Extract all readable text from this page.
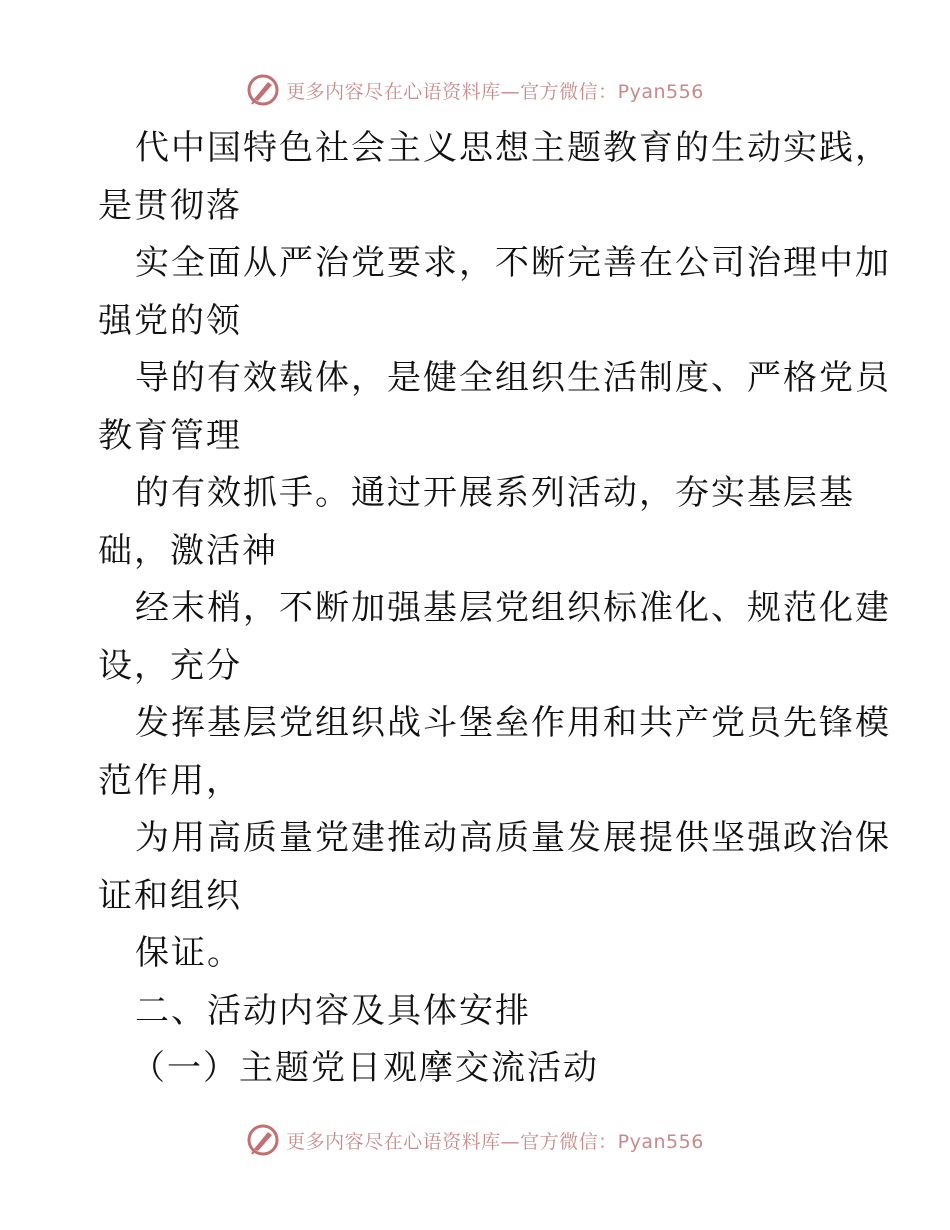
更多内容尽在心语资料库—官方微信：Pyan556
代中国特色社会主义思想主题教育的生动实践，
是贯彻落
实全面从严治党要求，不断完善在公司治理中加
强党的领
导的有效载体，是健全组织生活制度、严格党员
教育管理
的有效抓手。通过开展系列活动，夯实基层基
础，激活神
经末梢，不断加强基层党组织标准化、规范化建
设，充分
发挥基层党组织战斗堡垒作用和共产党员先锋模
范作用，
为用高质量党建推动高质量发展提供坚强政治保
证和组织
保证。
二、活动内容及具体安排
（一）主题党日观摩交流活动
更多内容尽在心语资料库—官方微信：Pyan556
